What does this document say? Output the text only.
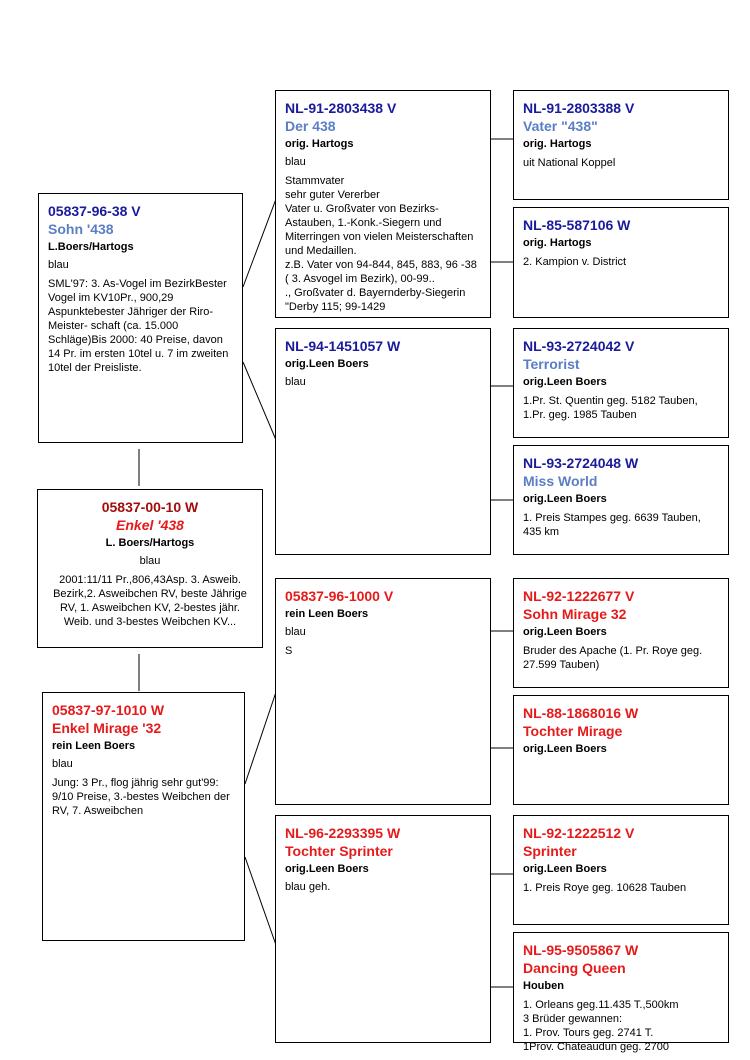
05837-96-38 V
Sohn '438
L.Boers/Hartogs
blau
SML'97: 3. As-Vogel im BezirkBester Vogel im KV10Pr., 900,29 Aspunktebester Jähriger der Riro-Meister- schaft (ca. 15.000 Schläge)Bis 2000: 40 Preise, davon 14 Pr. im ersten 10tel u. 7 im zweiten 10tel der Preisliste.
05837-00-10 W
Enkel '438
L. Boers/Hartogs
blau
2001:11/11 Pr.,806,43Asp. 3. Asweib. Bezirk,2. Asweibchen RV, beste Jährige RV, 1. Asweibchen KV, 2-bestes jähr. Weib. und 3-bestes Weibchen KV...
05837-97-1010 W
Enkel Mirage '32
rein Leen Boers
blau
Jung: 3 Pr., flog jährig sehr gut'99: 9/10 Preise, 3.-bestes Weibchen der RV, 7. Asweibchen
NL-91-2803438 V
Der 438
orig. Hartogs
blau
Stammvater
sehr guter Vererber
Vater u. Großvater von Bezirks-Astauben, 1.-Konk.-Siegern und Miterringen von vielen Meisterschaften und Medaillen.
z.B. Vater von 94-844, 845, 883, 96 -38 ( 3. Asvogel im Bezirk), 00-99..
., Großvater d. Bayernderby-Siegerin "Derby 115; 99-1429
NL-94-1451057 W
orig.Leen Boers
blau
05837-96-1000 V
rein Leen Boers
blau
S
NL-96-2293395 W
Tochter Sprinter
orig.Leen Boers
blau geh.
NL-91-2803388 V
Vater "438"
orig. Hartogs
uit National Koppel
NL-85-587106 W
orig. Hartogs
2. Kampion v. District
NL-93-2724042 V
Terrorist
orig.Leen Boers
1.Pr. St. Quentin geg. 5182 Tauben,
1.Pr. geg. 1985 Tauben
NL-93-2724048 W
Miss World
orig.Leen Boers
1. Preis Stampes geg. 6639 Tauben, 435 km
NL-92-1222677 V
Sohn Mirage 32
orig.Leen Boers
Bruder des Apache (1. Pr. Roye geg. 27.599 Tauben)
NL-88-1868016 W
Tochter Mirage
orig.Leen Boers
NL-92-1222512 V
Sprinter
orig.Leen Boers
1. Preis Roye geg. 10628 Tauben
NL-95-9505867 W
Dancing Queen
Houben
1. Orleans geg.11.435 T.,500km
3 Brüder gewannen:
1. Prov. Tours geg. 2741 T.
1Prov. Chateaudun geg. 2700
